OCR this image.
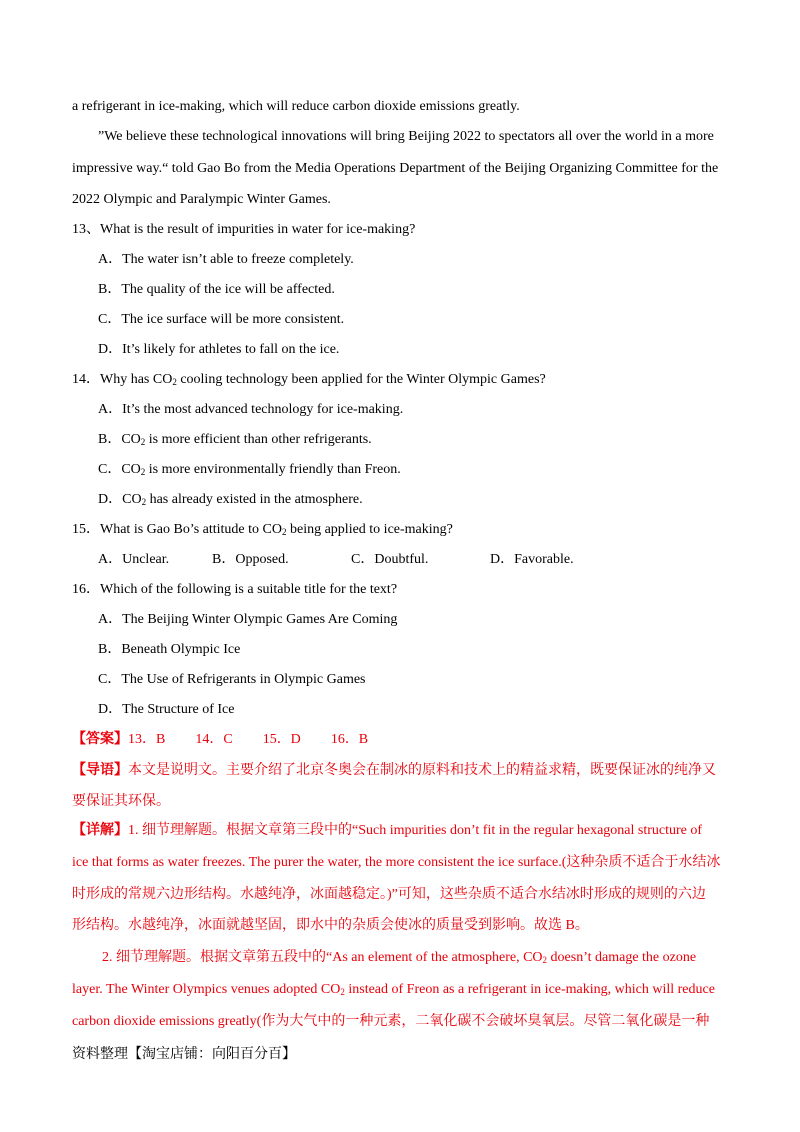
a refrigerant in ice-making, which will reduce carbon dioxide emissions greatly.
”We believe these technological innovations will bring Beijing 2022 to spectators all over the world in a more
impressive way.“ told Gao Bo from the Media Operations Department of the Beijing Organizing Committee for the
2022 Olympic and Paralympic Winter Games.
13、What is the result of impurities in water for ice-making?
A．The water isn’t able to freeze completely.
B．The quality of the ice will be affected.
C．The ice surface will be more consistent.
D．It’s likely for athletes to fall on the ice.
14．Why has $CO_2$ cooling technology been applied for the Winter Olympic Games?
A．It’s the most advanced technology for ice-making.
B．$CO_2$ is more efficient than other refrigerants.
C．$CO_2$ is more environmentally friendly than Freon.
D．$CO_2$ has already existed in the atmosphere.
15．What is Gao Bo’s attitude to $CO_2$ being applied to ice-making?
A．Unclear.	B．Opposed.	C．Doubtful.	D．Favorable.
16．Which of the following is a suitable title for the text?
A．The Beijing Winter Olympic Games Are Coming
B．Beneath Olympic Ice
C．The Use of Refrigerants in Olympic Games
D．The Structure of Ice
【答案】13．B 14．C 15．D 16．B
【导语】本文是说明文。主要介绍了北京冬奥会在制冰的原料和技术上的精益求精，既要保证冰的纯净又
要保证其环保。
【详解】1. 细节理解题。根据文章第三段中的“Such impurities don’t fit in the regular hexagonal structure of
ice that forms as water freezes. The purer the water, the more consistent the ice surface.(这种杂质不适合于水结冰
时形成的常规六边形结构。水越纯净，冰面越稳定。)”可知，这些杂质不适合水结冰时形成的规则的六边
形结构。水越纯净，冰面就越坚固，即水中的杂质会使冰的质量受到影响。故选 B。
2. 细节理解题。根据文章第五段中的“As an element of the atmosphere, $CO_2$ doesn’t damage the ozone
layer. The Winter Olympics venues adopted $CO_2$ instead of Freon as a refrigerant in ice-making, which will reduce
carbon dioxide emissions greatly(作为大气中的一种元素，二氧化碳不会破坏臭氧层。尽管二氧化碳是一种
资料整理【淘宝店铺：向阳百分百】
